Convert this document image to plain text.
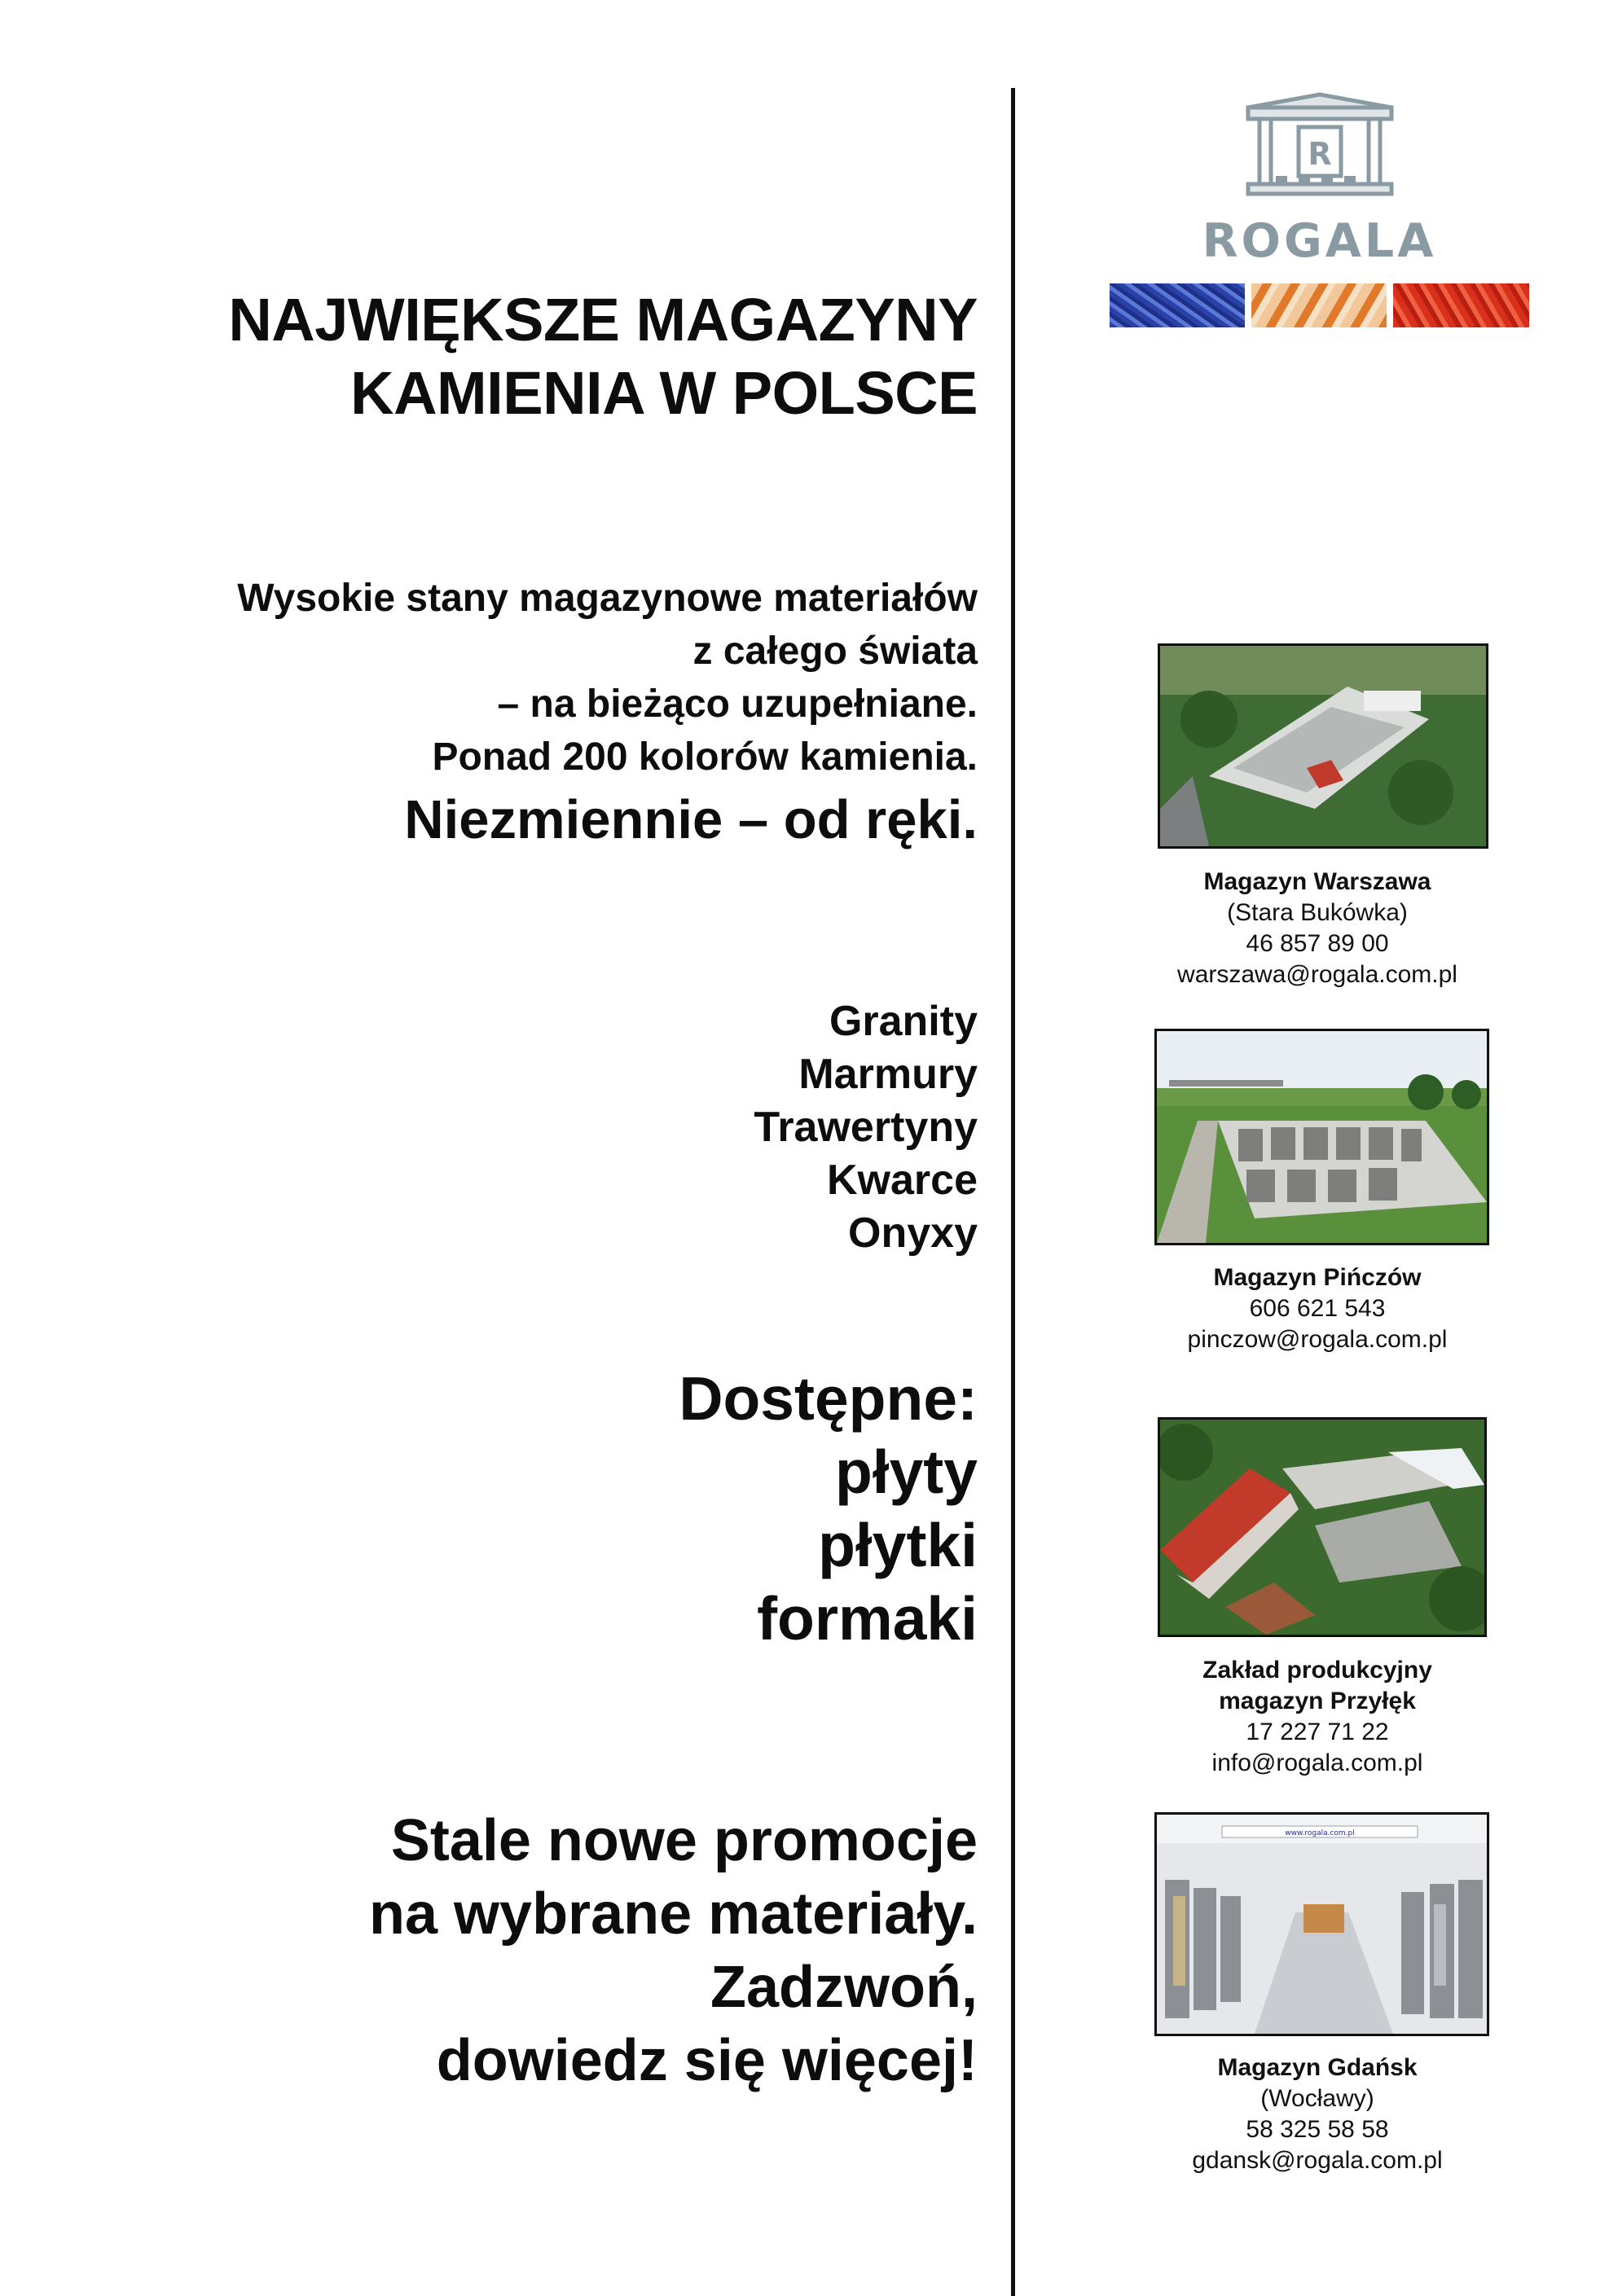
NAJWIĘKSZE MAGAZYNY
KAMIENIA W POLSCE
Wysokie stany magazynowe materiałów
z całego świata
– na bieżąco uzupełniane.
Ponad 200 kolorów kamienia.
Niezmiennie – od ręki.
Granity
Marmury
Trawertyny
Kwarce
Onyxy
Dostępne:
płyty
płytki
formaki
Stale nowe promocje
na wybrane materiały.
Zadzwoń,
dowiedz się więcej!
R
ROGALA
www.rogala.com.pl
Magazyn Warszawa
(Stara Bukówka)
46 857 89 00
warszawa@rogala.com.pl
Magazyn Pińczów
606 621 543
pinczow@rogala.com.pl
Zakład produkcyjny
magazyn Przyłęk
17 227 71 22
info@rogala.com.pl
Magazyn Gdańsk
(Wocławy)
58 325 58 58
gdansk@rogala.com.pl
